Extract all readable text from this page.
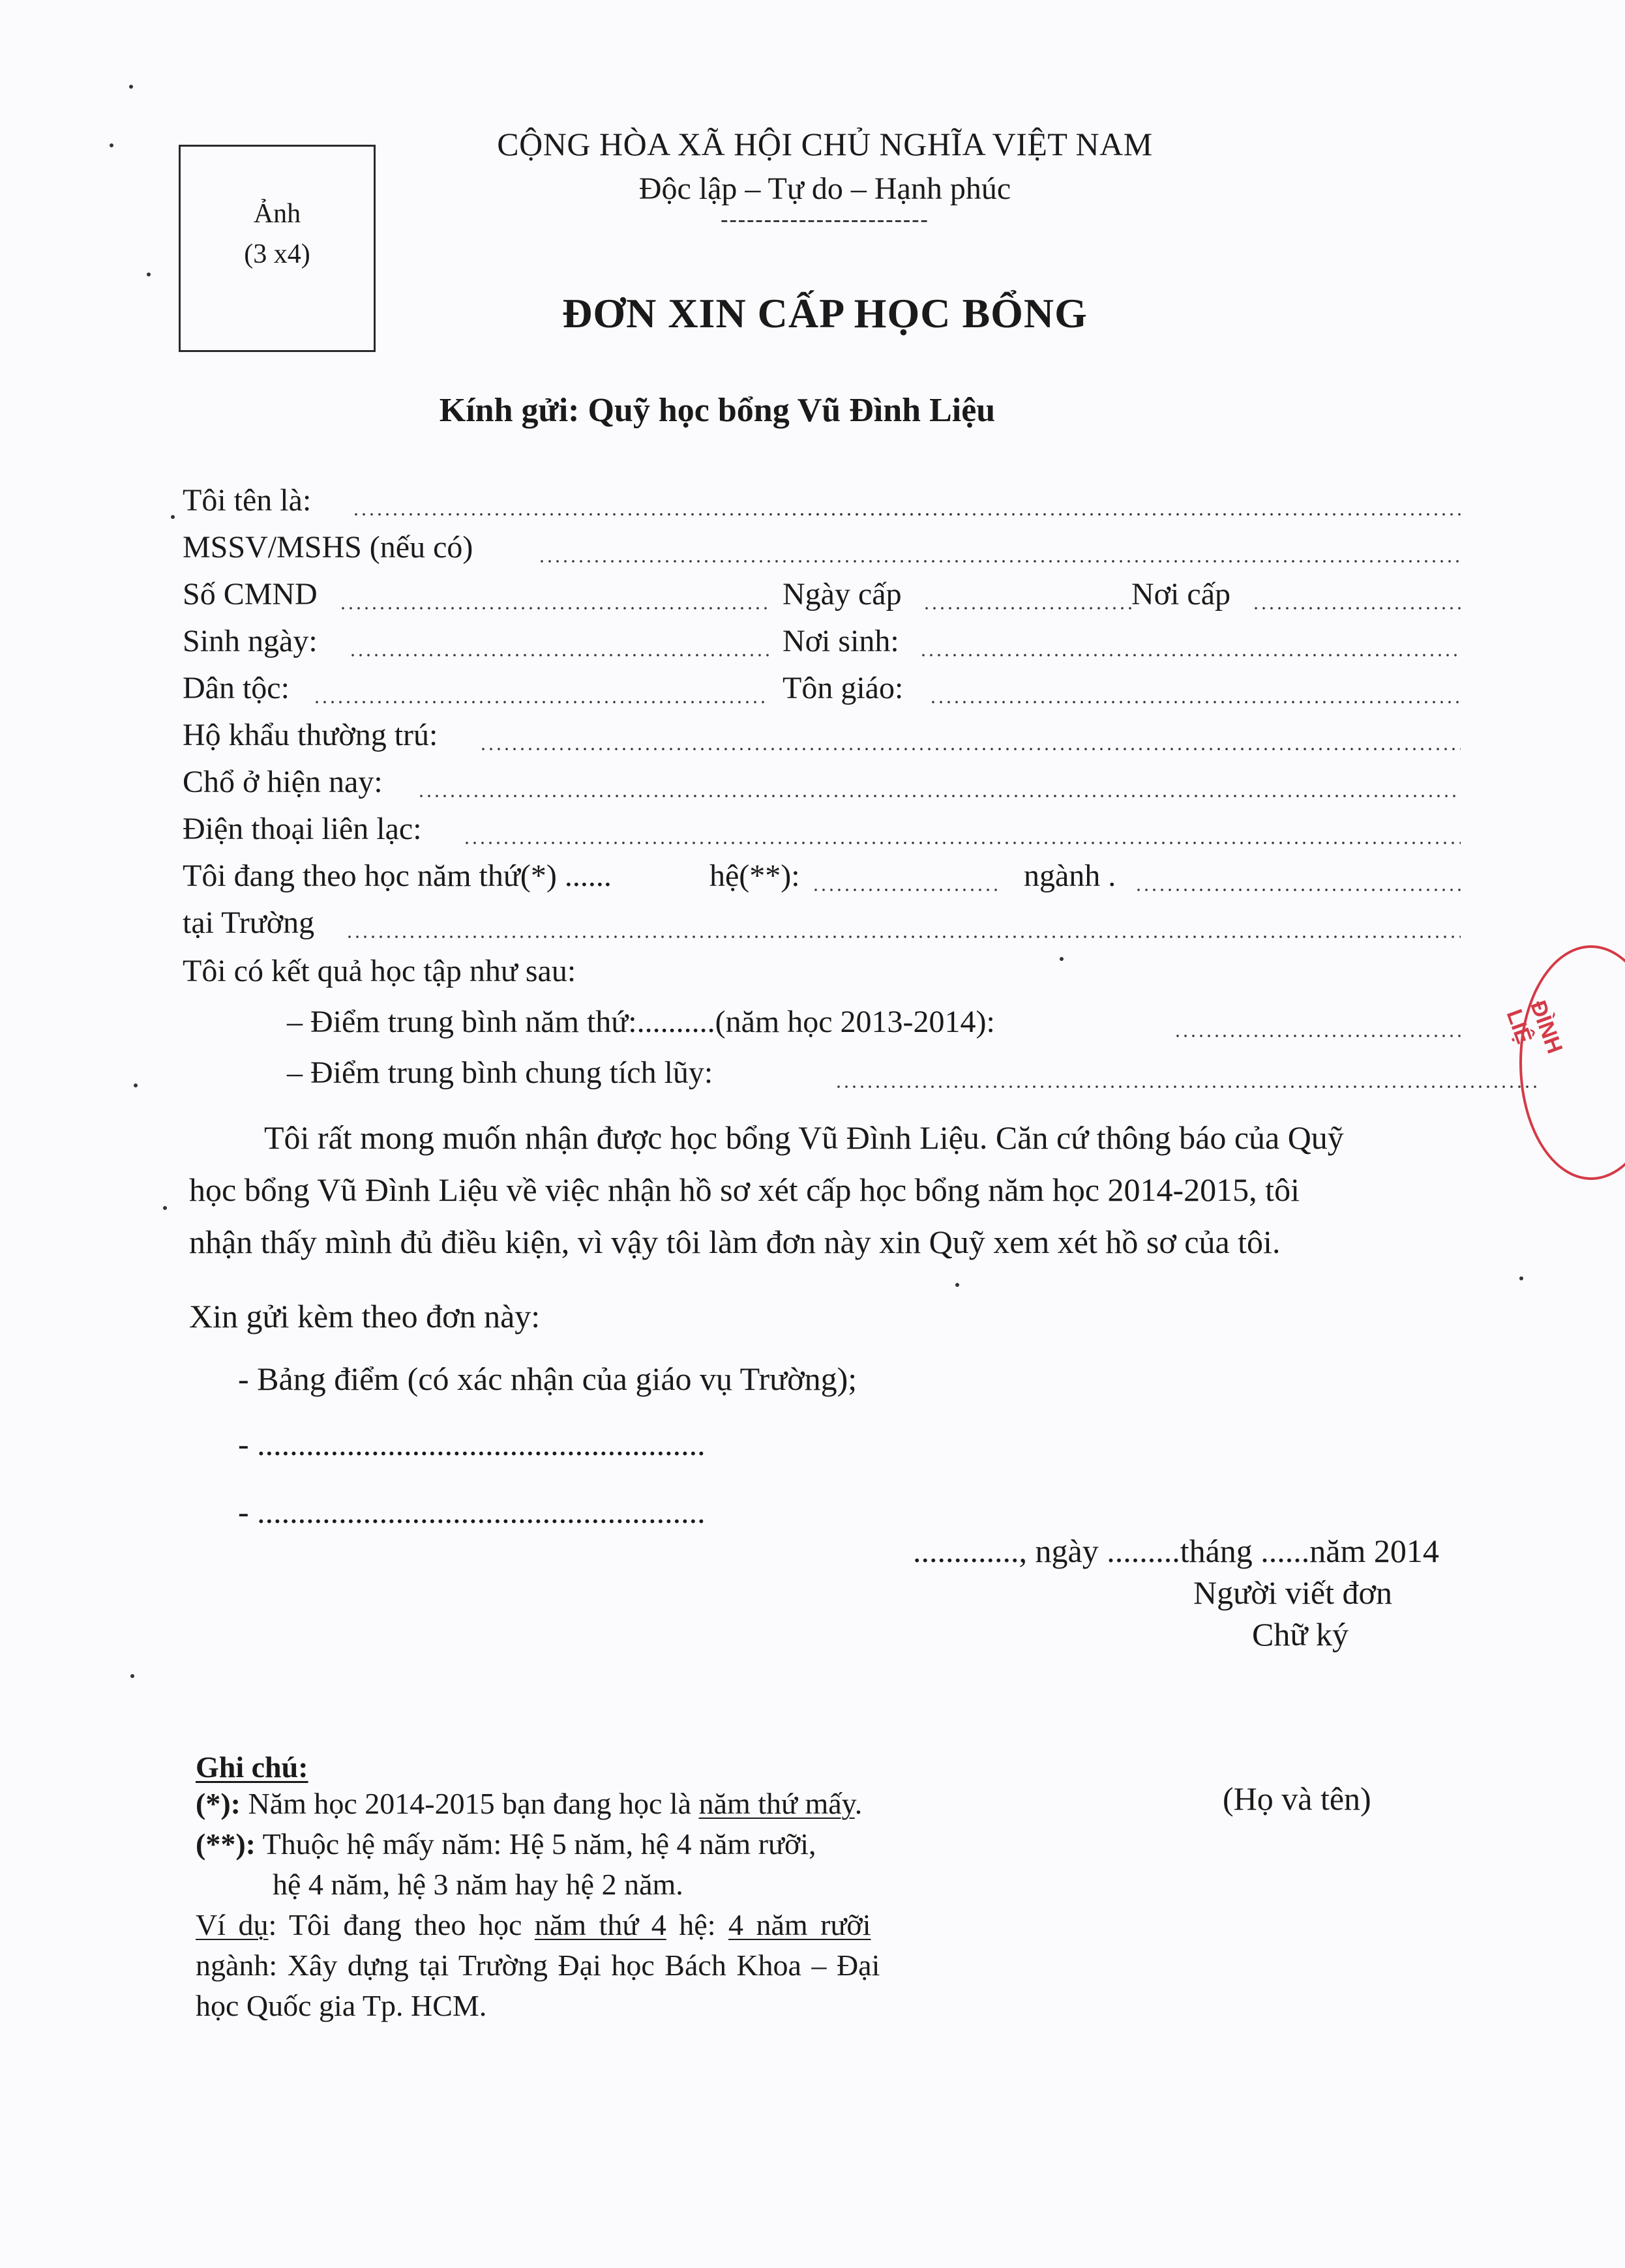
Ảnh
(3 x4)
CỘNG HÒA XÃ HỘI CHỦ NGHĨA VIỆT NAM
Độc lập – Tự do – Hạnh phúc
------------------------
ĐƠN XIN CẤP HỌC BỔNG
Kính gửi: Quỹ học bổng Vũ Đình Liệu
Tôi tên là:
MSSV/MSHS (nếu có)
Số CMND	Ngày cấp	Nơi cấp
Sinh ngày:	Nơi sinh:
Dân tộc:	Tôn giáo:
Hộ khẩu thường trú:
Chổ ở hiện nay:
Điện thoại liên lạc:
Tôi đang theo học năm thứ(*) ......	hệ(**):	ngành .
tại Trường
Tôi có kết quả học tập như sau:
– Điểm trung bình năm thứ:..........(năm học 2013-2014):
– Điểm trung bình chung tích lũy:
Tôi rất mong muốn nhận được học bổng Vũ Đình Liệu. Căn cứ thông báo của Quỹ
học bổng Vũ Đình Liệu về việc nhận hồ sơ xét cấp học bổng năm học 2014-2015, tôi
nhận thấy mình đủ điều kiện, vì vậy tôi làm đơn này xin Quỹ xem xét hồ sơ của tôi.
Xin gửi kèm theo đơn này:
- Bảng điểm (có xác nhận của giáo vụ Trường);
- .......................................................
- .......................................................
............., ngày .........tháng ......năm 2014
Người viết đơn
Chữ ký
(Họ và tên)
Ghi chú:
(*): Năm học 2014-2015 bạn đang học là năm thứ mấy.
(**): Thuộc hệ mấy năm: Hệ 5 năm, hệ 4 năm rưỡi,
hệ 4 năm, hệ 3 năm hay hệ 2 năm.
Ví dụ: Tôi đang theo học năm thứ 4 hệ: 4 năm rưỡi
ngành: Xây dựng tại Trường Đại học Bách Khoa – Đại
học Quốc gia Tp. HCM.
ĐÌNH LIỆ
